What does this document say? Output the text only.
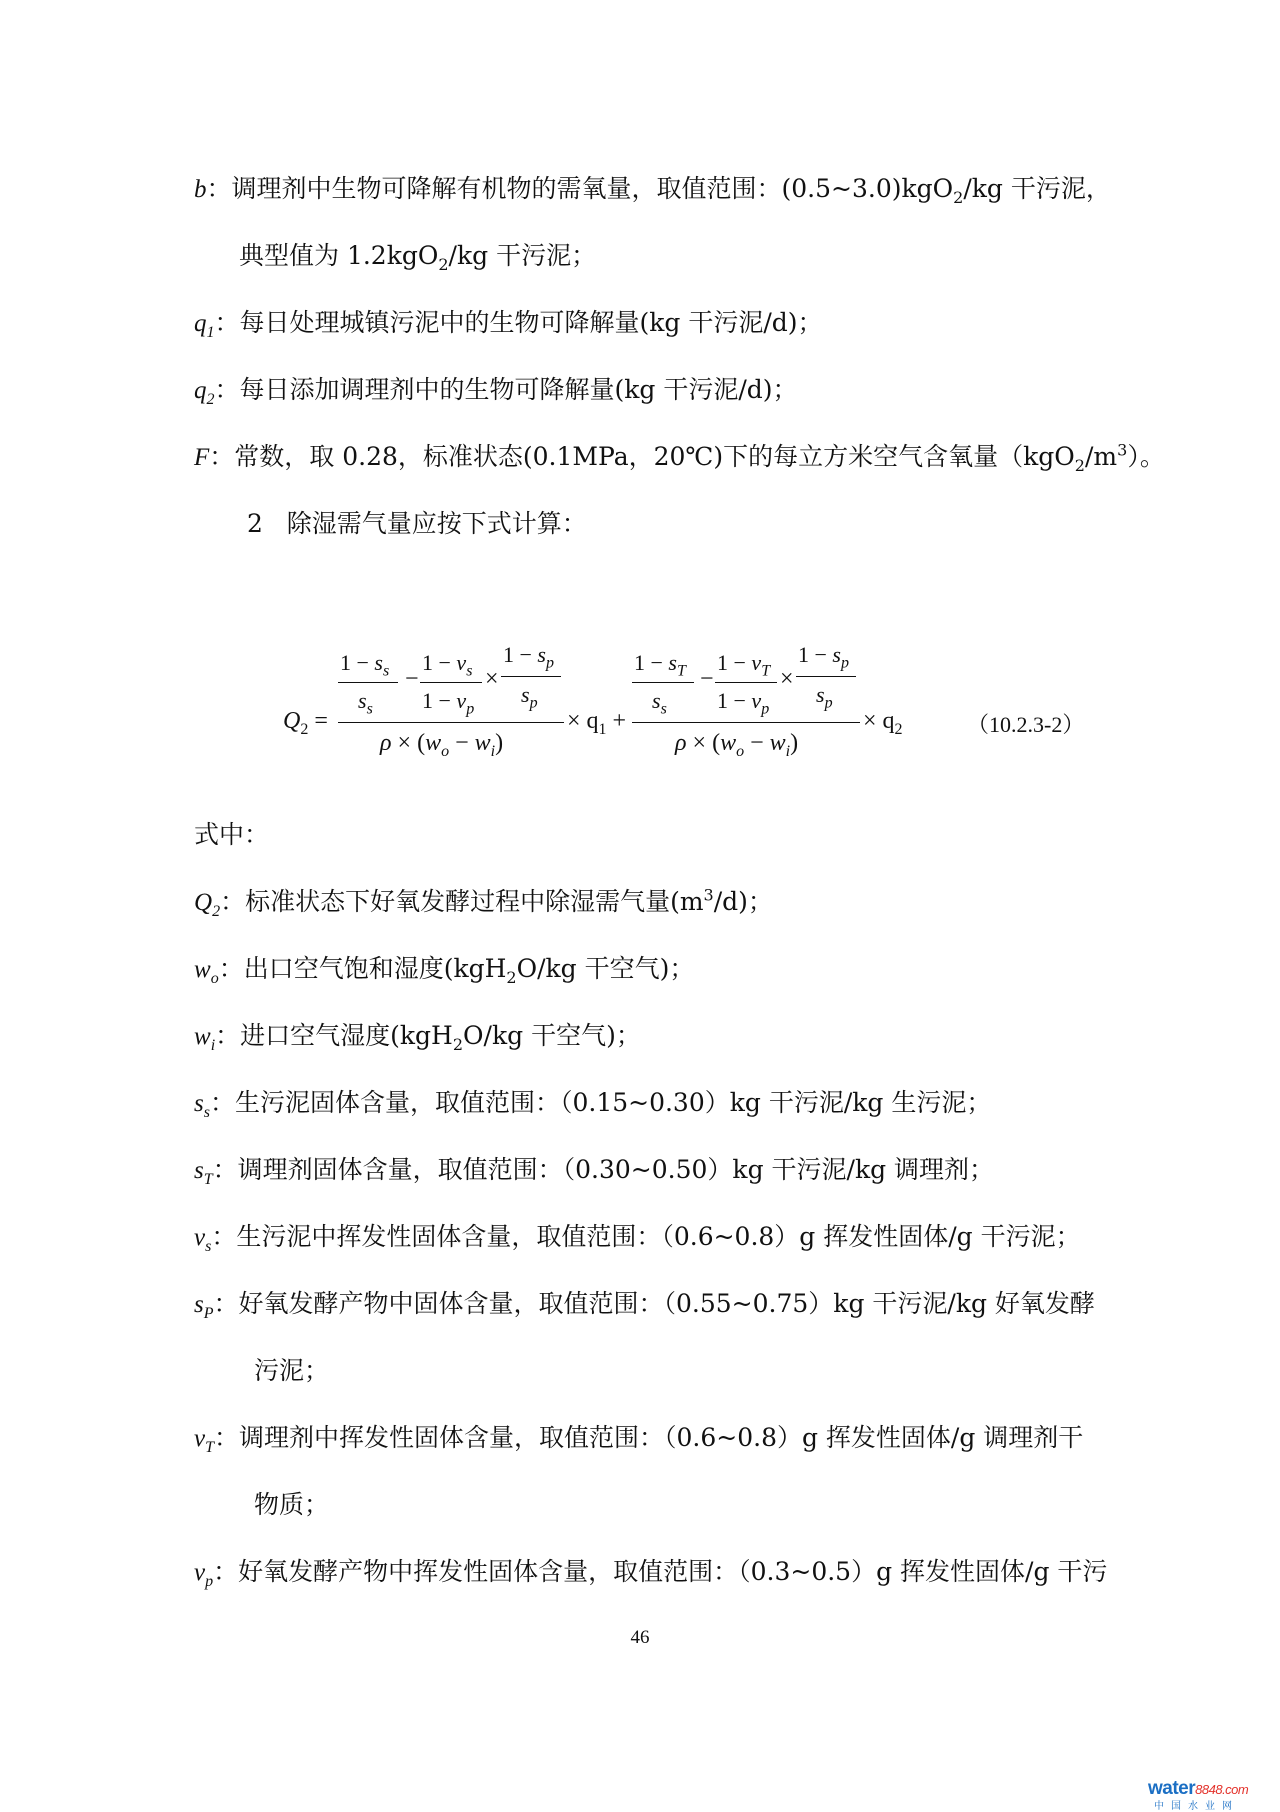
b：调理剂中生物可降解有机物的需氧量，取值范围：(0.5~3.0)kgO$_2$/kg 干污泥，
典型值为 1.2kgO$_2$/kg 干污泥；
$q_1$：每日处理城镇污泥中的生物可降解量(kg 干污泥/d)；
$q_2$：每日添加调理剂中的生物可降解量(kg 干污泥/d)；
F：常数，取 0.28，标准状态(0.1MPa，20℃)下的每立方米空气含氧量$(kgO_2/m^3)$。
2 除湿需气量应按下式计算：
$Q_2$ =
$1 - s_s$
$s_s$
−
$1 - v_s$
$1 - v_p$
×
$1 - s_p$
$s_p$
$\rho \times (w_o - w_i)$
× $q_1$ +
$1 - s_T$
$s_s$
−
$1 - v_T$
$1 - v_p$
×
$1 - s_p$
$s_p$
$\rho \times (w_o - w_i)$
× $q_2$	（10.2.3-2）
式中：
$Q_2$：标准状态下好氧发酵过程中除湿需气量$(m^3/d)$；
$w_o$：出口空气饱和湿度(kgH$_2$O/kg 干空气)；
$w_i$：进口空气湿度(kgH$_2$O/kg 干空气)；
$s_s$：生污泥固体含量，取值范围：（0.15~0.30）kg 干污泥/kg 生污泥；
$s_T$：调理剂固体含量，取值范围：（0.30~0.50）kg 干污泥/kg 调理剂；
$v_s$：生污泥中挥发性固体含量，取值范围：（0.6~0.8）g 挥发性固体/g 干污泥；
$s_P$：好氧发酵产物中固体含量，取值范围：（0.55~0.75）kg 干污泥/kg 好氧发酵
污泥；
$v_T$：调理剂中挥发性固体含量，取值范围：（0.6~0.8）g 挥发性固体/g 调理剂干
物质；
$v_p$：好氧发酵产物中挥发性固体含量，取值范围：（0.3~0.5）g 挥发性固体/g 干污
46
water8848.com
中国水业网
